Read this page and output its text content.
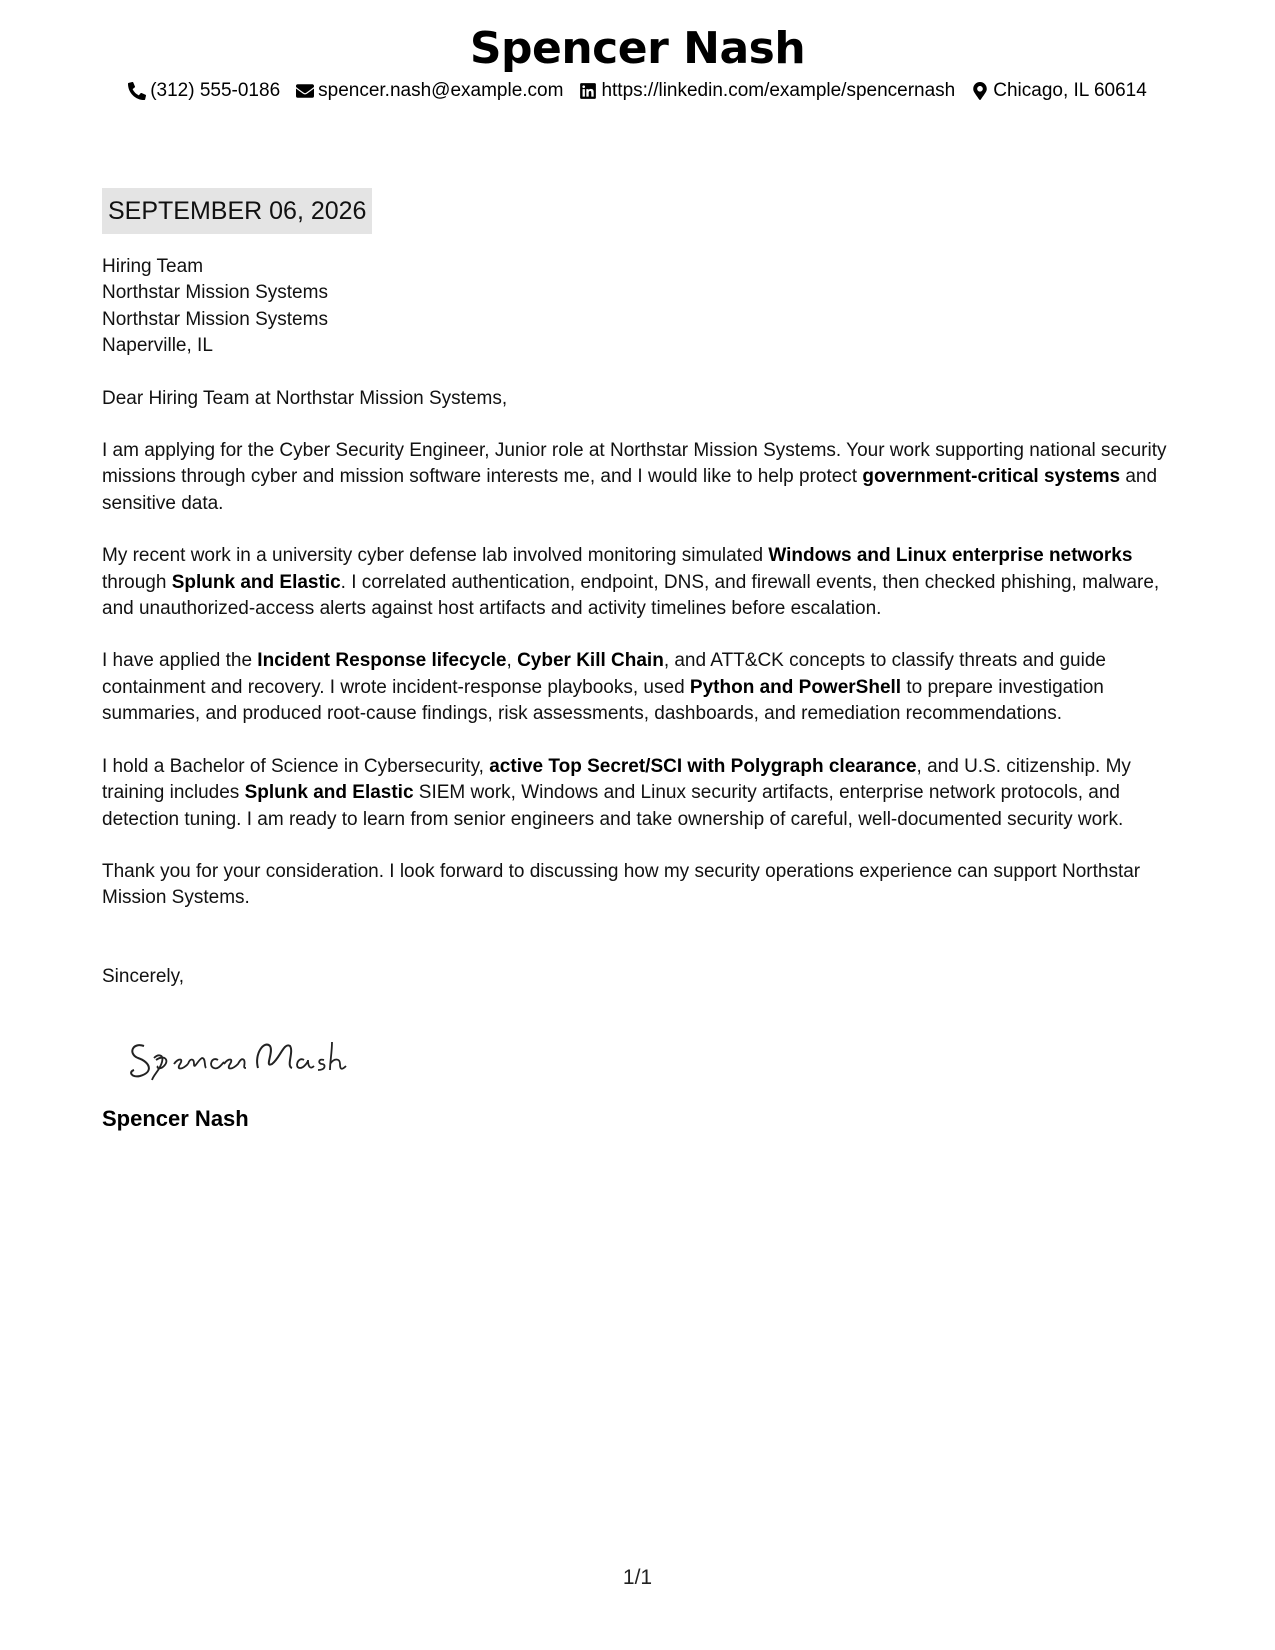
Spencer Nash
(312) 555-0186 spencer.nash@example.com https://linkedin.com/example/spencernash Chicago, IL 60614
SEPTEMBER 06, 2026
Hiring Team
Northstar Mission Systems
Northstar Mission Systems
Naperville, IL
Dear Hiring Team at Northstar Mission Systems,
I am applying for the Cyber Security Engineer, Junior role at Northstar Mission Systems. Your work supporting national security missions through cyber and mission software interests me, and I would like to help protect government-critical systems and sensitive data.
My recent work in a university cyber defense lab involved monitoring simulated Windows and Linux enterprise networks through Splunk and Elastic. I correlated authentication, endpoint, DNS, and firewall events, then checked phishing, malware, and unauthorized-access alerts against host artifacts and activity timelines before escalation.
I have applied the Incident Response lifecycle, Cyber Kill Chain, and ATT&CK concepts to classify threats and guide containment and recovery. I wrote incident-response playbooks, used Python and PowerShell to prepare investigation summaries, and produced root-cause findings, risk assessments, dashboards, and remediation recommendations.
I hold a Bachelor of Science in Cybersecurity, active Top Secret/SCI with Polygraph clearance, and U.S. citizenship. My training includes Splunk and Elastic SIEM work, Windows and Linux security artifacts, enterprise network protocols, and detection tuning. I am ready to learn from senior engineers and take ownership of careful, well-documented security work.
Thank you for your consideration. I look forward to discussing how my security operations experience can support Northstar Mission Systems.
Sincerely,
Spencer Nash
1/1
